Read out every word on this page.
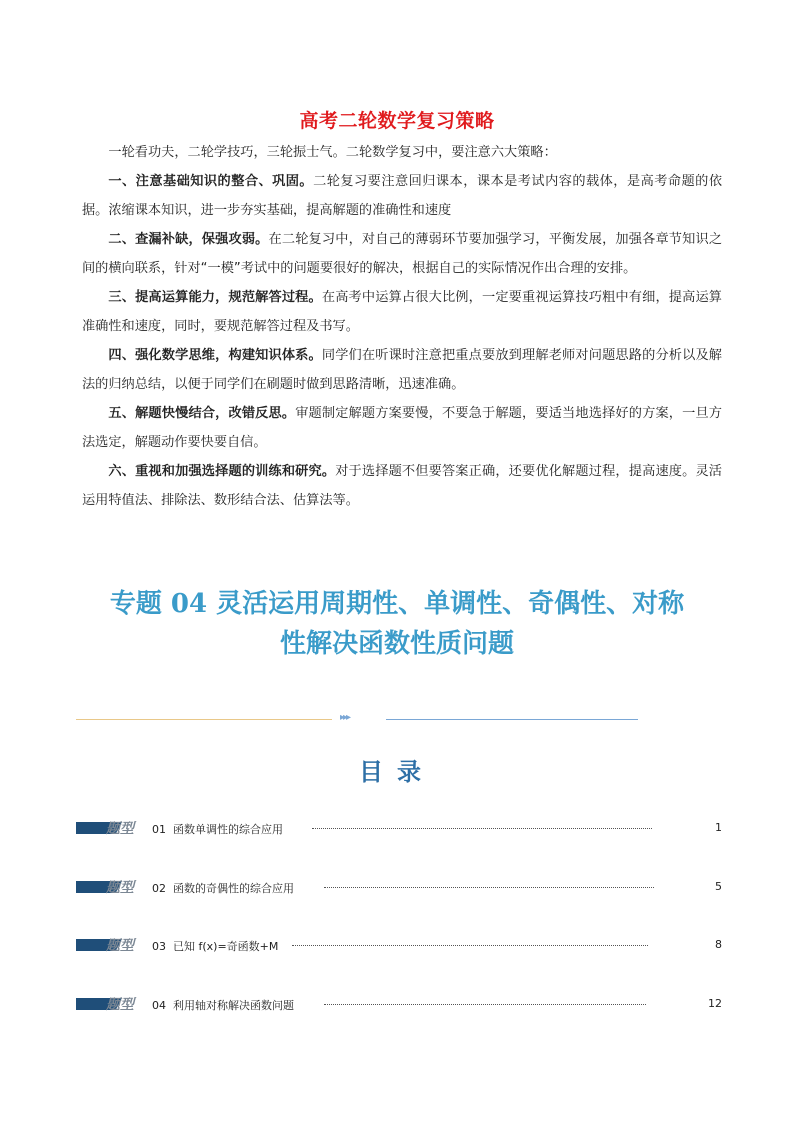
高考二轮数学复习策略

一轮看功夫，二轮学技巧，三轮振士气。二轮数学复习中，要注意六大策略：

一、注意基础知识的整合、巩固。二轮复习要注意回归课本，课本是考试内容的载体，是高考命题的依据。浓缩课本知识，进一步夯实基础，提高解题的准确性和速度

二、查漏补缺，保强攻弱。在二轮复习中，对自己的薄弱环节要加强学习，平衡发展，加强各章节知识之间的横向联系，针对“一模”考试中的问题要很好的解决，根据自己的实际情况作出合理的安排。

三、提高运算能力，规范解答过程。在高考中运算占很大比例，一定要重视运算技巧粗中有细，提高运算准确性和速度，同时，要规范解答过程及书写。

四、强化数学思维，构建知识体系。同学们在听课时注意把重点要放到理解老师对问题思路的分析以及解法的归纳总结，以便于同学们在刷题时做到思路清晰，迅速准确。

五、解题快慢结合，改错反思。审题制定解题方案要慢，不要急于解题，要适当地选择好的方案，一旦方法选定，解题动作要快要自信。

六、重视和加强选择题的训练和研究。对于选择题不但要答案正确，还要优化解题过程，提高速度。灵活运用特值法、排除法、数形结合法、估算法等。

专题 04 灵活运用周期性、单调性、奇偶性、对称
性解决函数性质问题
▸▸▸
目录
题型 01 函数单调性的综合应用	1
题型 02 函数的奇偶性的综合应用	5
题型 03 已知 f(x)=奇函数+M	8
题型 04 利用轴对称解决函数问题	12
